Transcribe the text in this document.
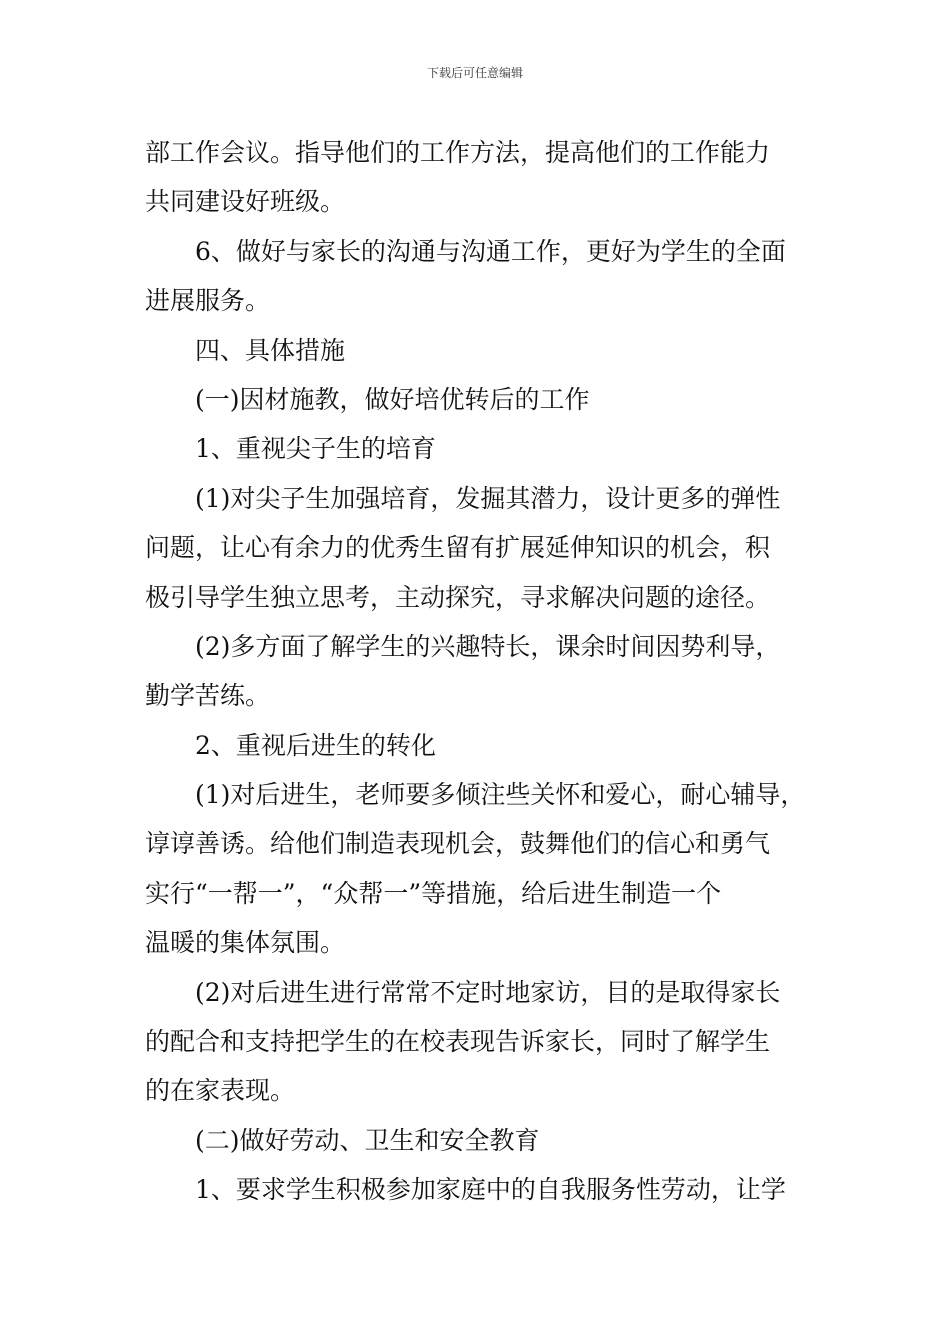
下载后可任意编辑
部工作会议。指导他们的工作方法，提高他们的工作能力
共同建设好班级。
6、做好与家长的沟通与沟通工作，更好为学生的全面
进展服务。
四、具体措施
(一)因材施教，做好培优转后的工作
1、重视尖子生的培育
(1)对尖子生加强培育，发掘其潜力，设计更多的弹性
问题，让心有余力的优秀生留有扩展延伸知识的机会，积
极引导学生独立思考，主动探究，寻求解决问题的途径。
(2)多方面了解学生的兴趣特长，课余时间因势利导，
勤学苦练。
2、重视后进生的转化
(1)对后进生，老师要多倾注些关怀和爱心，耐心辅导，
谆谆善诱。给他们制造表现机会，鼓舞他们的信心和勇气
实行“一帮一”，“众帮一”等措施，给后进生制造一个
温暖的集体氛围。
(2)对后进生进行常常不定时地家访，目的是取得家长
的配合和支持把学生的在校表现告诉家长，同时了解学生
的在家表现。
(二)做好劳动、卫生和安全教育
1、要求学生积极参加家庭中的自我服务性劳动，让学
